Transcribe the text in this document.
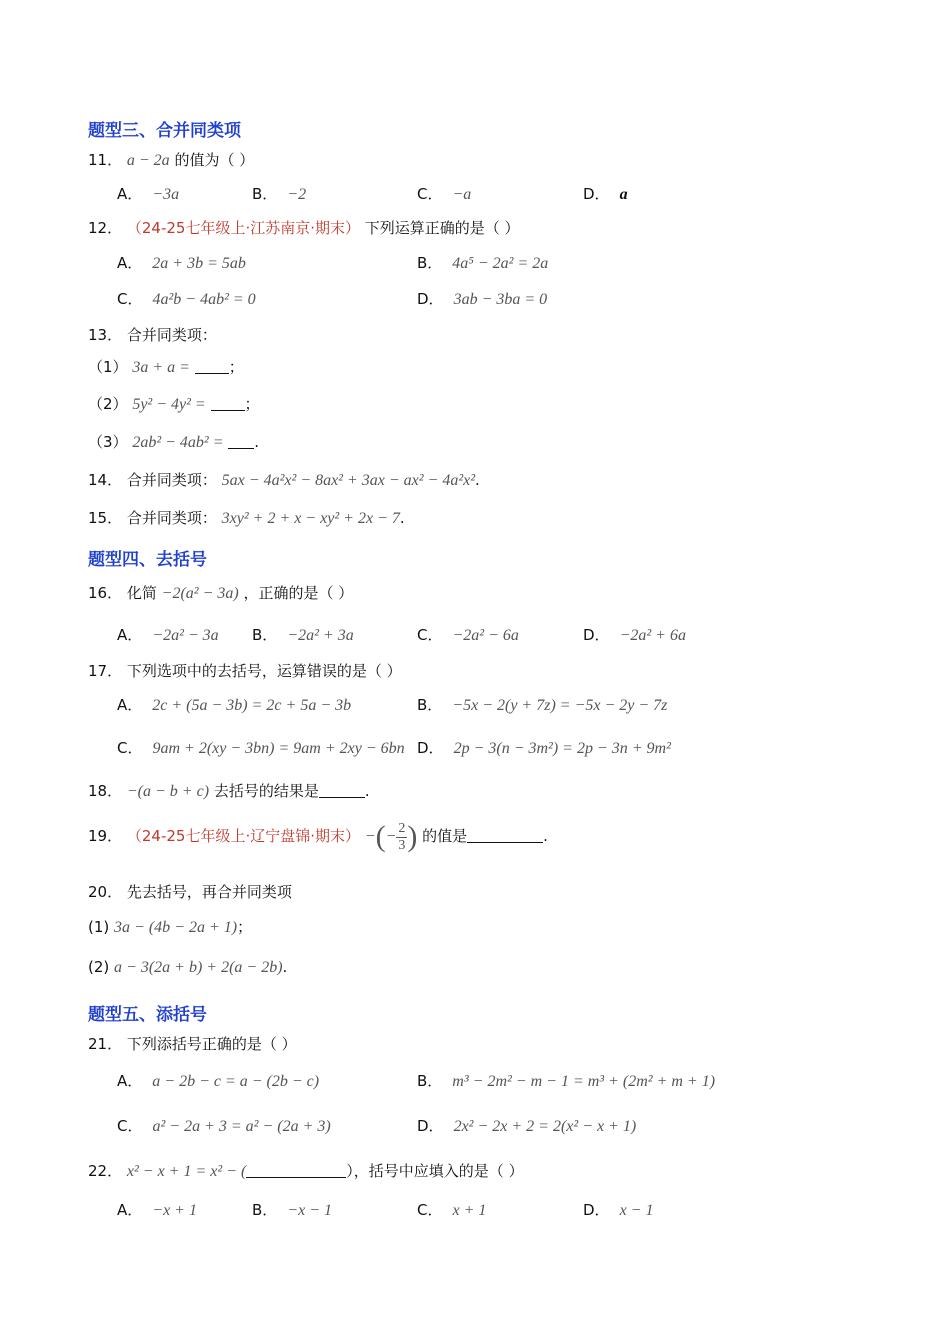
题型三、合并同类项
11． a − 2a 的值为（ ）
A． −3a	B． −2	C． −a	D． a
12． （24-25七年级上·江苏南京·期末） 下列运算正确的是（ ）
A． 2a + 3b = 5ab	B． 4a⁵ − 2a² = 2a
C． 4a²b − 4ab² = 0	D． 3ab − 3ba = 0
13． 合并同类项：
（1） 3a + a =	；
（2） 5y² − 4y² =	；
（3） 2ab² − 4ab² = .
14． 合并同类项： 5ax − 4a²x² − 8ax² + 3ax − ax² − 4a²x².
15． 合并同类项： 3xy² + 2 + x − xy² + 2x − 7.
题型四、去括号
16． 化简 −2(a² − 3a) ，正确的是（ ）
A． −2a² − 3a B． −2a² + 3a	C． −2a² − 6a	D． −2a² + 6a
17． 下列选项中的去括号，运算错误的是（ ）
A． 2c + (5a − 3b) = 2c + 5a − 3b	B． −5x − 2(y + 7z) = −5x − 2y − 7z
C． 9am + 2(xy − 3bn) = 9am + 2xy − 6bn D． 2p − 3(n − 3m²) = 2p − 3n + 9m²
18． −(a − b + c) 去括号的结果是	.
19． （24-25七年级上·辽宁盘锦·期末） −(− $\frac{2}{3}$ ) 的值是	.
20． 先去括号，再合并同类项
(1) 3a − (4b − 2a + 1)；
(2) a − 3(2a + b) + 2(a − 2b).
题型五、添括号
21． 下列添括号正确的是（ ）
A． a − 2b − c = a − (2b − c)	B． m³ − 2m² − m − 1 = m³ + (2m² + m + 1)
C． a² − 2a + 3 = a² − (2a + 3)	D． 2x² − 2x + 2 = 2(x² − x + 1)
22． x² − x + 1 = x² − (	），括号中应填入的是（ ）
A． −x + 1	B． −x − 1	C． x + 1	D． x − 1
